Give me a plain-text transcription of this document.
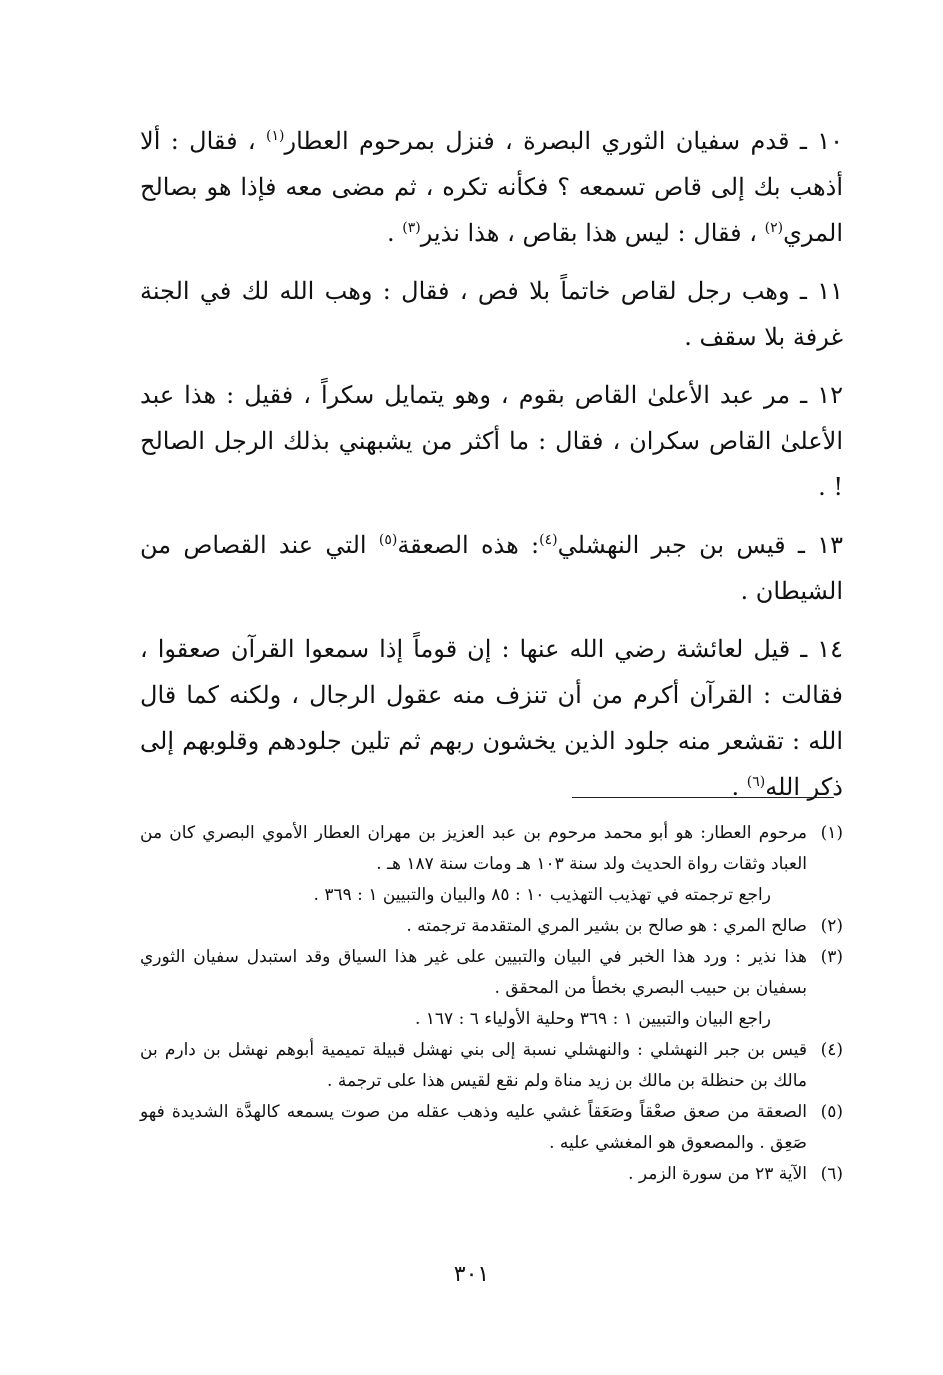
١٠ ـ قدم سفيان الثوري البصرة ، فنزل بمرحوم العطار$^{(١)}$ ، فقال : ألا أذهب بك إلى قاص تسمعه ؟ فكأنه تكره ، ثم مضى معه فإذا هو بصالح المري$^{(٢)}$ ، فقال : ليس هذا بقاص ، هذا نذير$^{(٣)}$ .

١١ ـ وهب رجل لقاص خاتماً بلا فص ، فقال : وهب الله لك في الجنة غرفة بلا سقف .

١٢ ـ مر عبد الأعلىٰ القاص بقوم ، وهو يتمايل سكراً ، فقيل : هذا عبد الأعلىٰ القاص سكران ، فقال : ما أكثر من يشبهني بذلك الرجل الصالح ! .

١٣ ـ قيس بن جبر النهشلي$^{(٤)}$: هذه الصعقة$^{(٥)}$ التي عند القصاص من الشيطان .

١٤ ـ قيل لعائشة رضي الله عنها : إن قوماً إذا سمعوا القرآن صعقوا ، فقالت : القرآن أكرم من أن تنزف منه عقول الرجال ، ولكنه كما قال الله : تقشعر منه جلود الذين يخشون ربهم ثم تلين جلودهم وقلوبهم إلى ذكر الله$^{(٦)}$ .

(١)
مرحوم العطار: هو أبو محمد مرحوم بن عبد العزيز بن مهران العطار الأموي البصري كان من العباد وثقات رواة الحديث ولد سنة ١٠٣ هـ ومات سنة ١٨٧ هـ .
راجع ترجمته في تهذيب التهذيب ١٠ : ٨٥ والبيان والتبيين ١ : ٣٦٩ .
(٢)
صالح المري : هو صالح بن بشير المري المتقدمة ترجمته .
(٣)
هذا نذير : ورد هذا الخبر في البيان والتبيين على غير هذا السياق وقد استبدل سفيان الثوري بسفيان بن حبيب البصري بخطأ من المحقق .
راجع البيان والتبيين ١ : ٣٦٩ وحلية الأولياء ٦ : ١٦٧ .
(٤)
قيس بن جبر النهشلي : والنهشلي نسبة إلى بني نهشل قبيلة تميمية أبوهم نهشل بن دارم بن مالك بن حنظلة بن مالك بن زيد مناة ولم نقع لقيس هذا على ترجمة .
(٥)
الصعقة من صعق صعْقاً وصَعَقاً غشي عليه وذهب عقله من صوت يسمعه كالهدَّة الشديدة فهو صَعِق . والمصعوق هو المغشي عليه .
(٦)
الآية ٢٣ من سورة الزمر .
٣٠١
